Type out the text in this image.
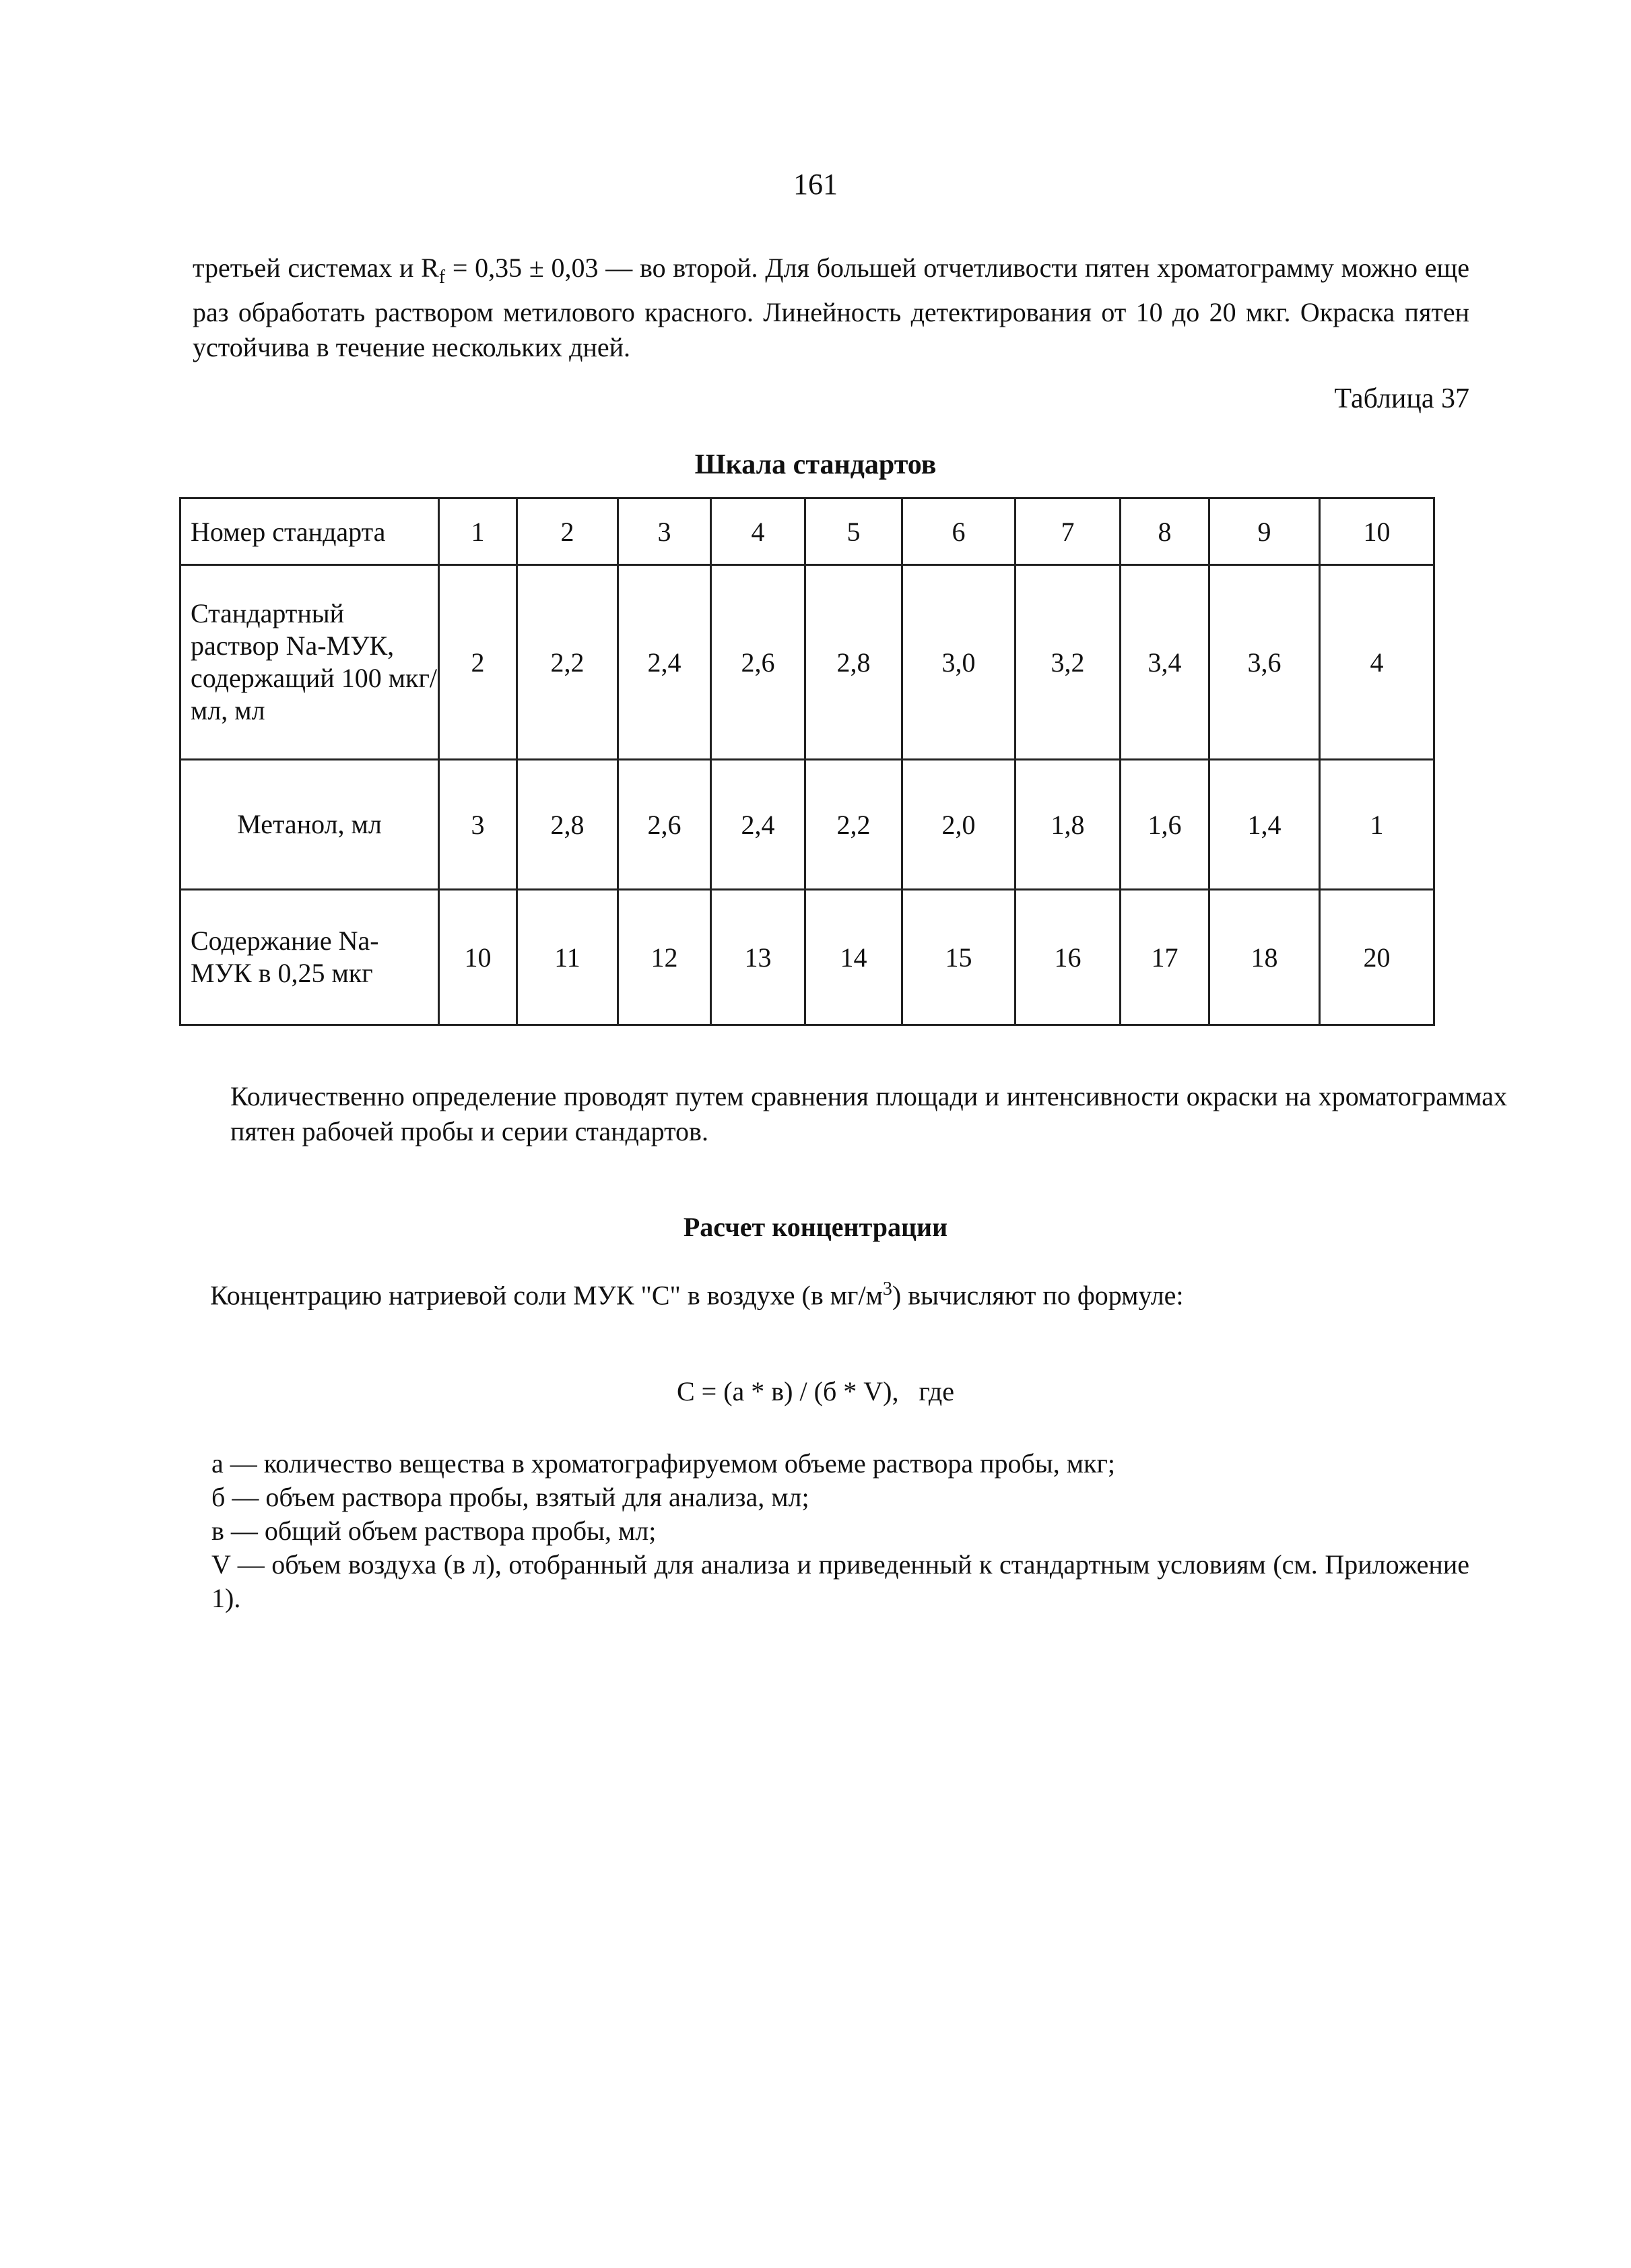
161
третьей системах и $R_f = 0,35 \pm 0,03$ — во второй. Для большей отчетливости пятен хроматограмму можно еще раз обработать раствором метилового красного. Линейность детектирования от 10 до 20 мкг. Окраска пятен устойчива в течение нескольких дней.
Таблица 37
Шкала стандартов
Номер стандарта	1	2	3	4	5	6	7	8	9	10
Стандартный раствор Na-МУК, содержащий 100 мкг/мл, мл	2	2,2	2,4	2,6	2,8	3,0	3,2	3,4	3,6	4
Метанол, мл	3	2,8	2,6	2,4	2,2	2,0	1,8	1,6	1,4	1
Содержание Na-МУК в 0,25 мкг	10	11	12	13	14	15	16	17	18	20
Количественно определение проводят путем сравнения площади и интенсивности окраски на хроматограммах пятен рабочей пробы и серии стандартов.
Расчет концентрации
Концентрацию натриевой соли МУК "С" в воздухе (в $мг/м^3$) вычисляют по формуле:
С = (а * в) / (б * V),   где
а — количество вещества в хроматографируемом объеме раствора пробы, мкг;
б — объем раствора пробы, взятый для анализа, мл;
в — общий объем раствора пробы, мл;
V — объем воздуха (в л), отобранный для анализа и приведенный к стандартным условиям (см. Приложение 1).
